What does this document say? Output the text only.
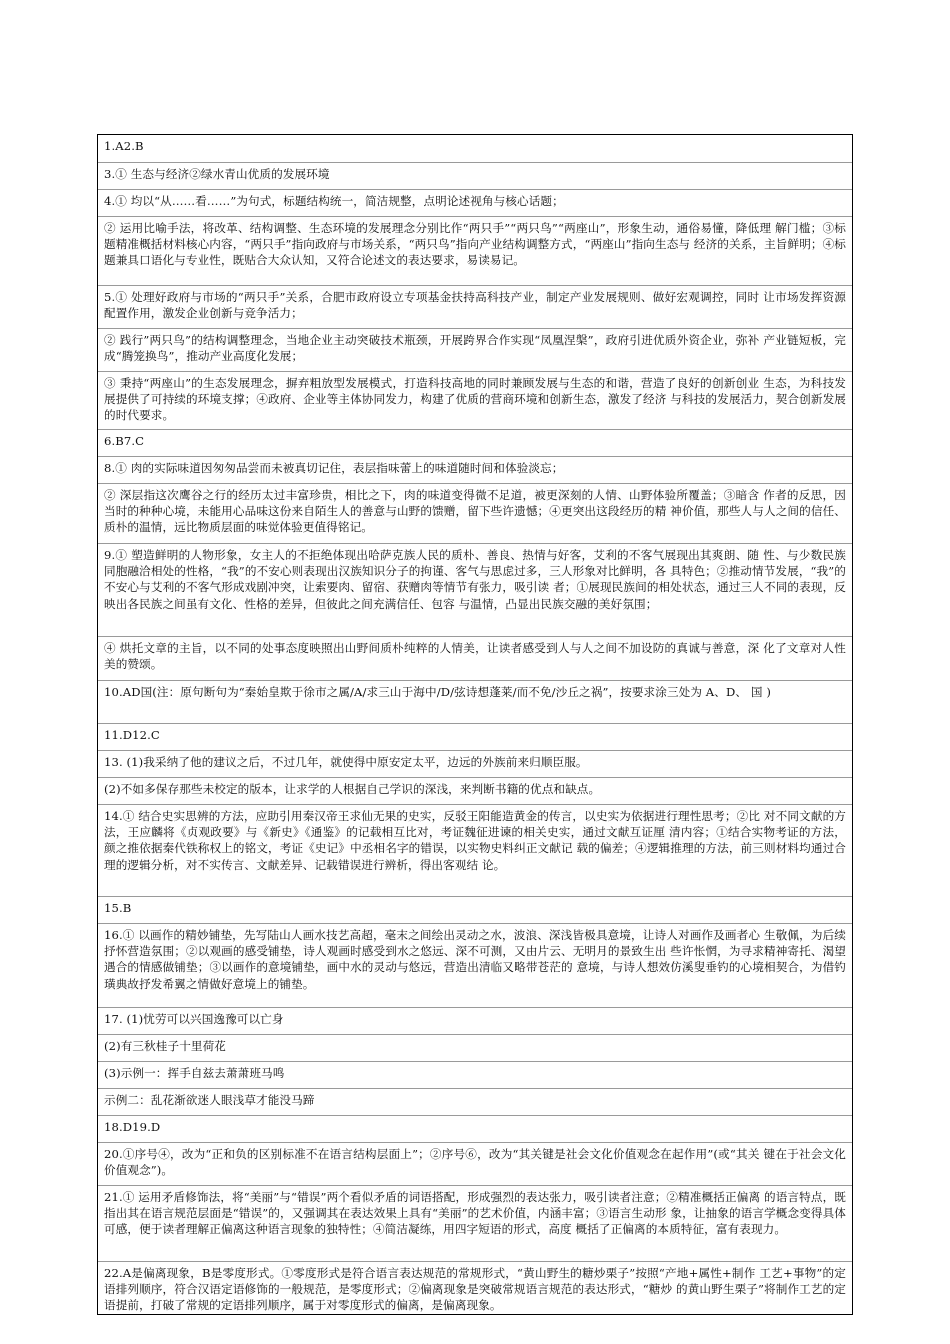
1.A2.B

3.① 生态与经济②绿水青山优质的发展环境

4.① 均以“从……看……”为句式，标题结构统一，简洁规整，点明论述视角与核心话题；

② 运用比喻手法，将改革、结构调整、生态环境的发展理念分别比作“两只手”“两只鸟”“两座山”，形象生动，通俗易懂，降低理 解门槛；③标题精准概括材料核心内容，“两只手”指向政府与市场关系，“两只鸟”指向产业结构调整方式，“两座山”指向生态与 经济的关系，主旨鲜明；④标题兼具口语化与专业性，既贴合大众认知，又符合论述文的表达要求，易读易记。

5.① 处理好政府与市场的“两只手”关系，合肥市政府设立专项基金扶持高科技产业，制定产业发展规则、做好宏观调控，同时 让市场发挥资源配置作用，激发企业创新与竞争活力；

② 践行”两只鸟”的结构调整理念，当地企业主动突破技术瓶颈，开展跨界合作实现“凤凰涅槃”，政府引进优质外资企业，弥补 产业链短板，完成“腾笼换鸟”，推动产业高度化发展；

③ 秉持“两座山”的生态发展理念，摒弃粗放型发展模式，打造科技高地的同时兼顾发展与生态的和谐，营造了良好的创新创业 生态，为科技发展提供了可持续的环境支撑；④政府、企业等主体协同发力，构建了优质的营商环境和创新生态，激发了经济 与科技的发展活力，契合创新发展的时代要求。

6.B7.C

8.① 肉的实际味道因匆匆品尝而未被真切记住，表层指味蕾上的味道随时间和体验淡忘；

② 深层指这次鹰谷之行的经历太过丰富珍贵，相比之下，肉的味道变得微不足道，被更深刻的人情、山野体验所覆盖；③暗含 作者的反思，因当时的种种心境，未能用心品味这份来自陌生人的善意与山野的馈赠，留下些许遗憾；④更突出这段经历的精 神价值，那些人与人之间的信任、质朴的温情，远比物质层面的味觉体验更值得铭记。

9.① 塑造鲜明的人物形象，女主人的不拒绝体现出哈萨克族人民的质朴、善良、热情与好客，艾利的不客气展现出其爽朗、随 性、与少数民族同胞融洽相处的性格，“我”的不安心则表现出汉族知识分子的拘谨、客气与思虑过多，三人形象对比鲜明，各 具特色；②推动情节发展，“我”的不安心与艾利的不客气形成戏剧冲突，让索要肉、留宿、获赠肉等情节有张力，吸引读 者；①展现民族间的相处状态，通过三人不同的表现，反映出各民族之间虽有文化、性格的差异，但彼此之间充满信任、包容 与温情，凸显出民族交融的美好氛围；

④ 烘托文章的主旨，以不同的处事态度映照出山野间质朴纯粹的人情美，让读者感受到人与人之间不加设防的真诚与善意，深 化了文章对人性美的赞颂。

10.AD国(注：原句断句为“秦始皇欺于徐市之属/A/求三山于海中/D/弦诗想蓬莱/而不免/沙丘之祸”，按要求涂三处为 A、D、 国 )

11.D12.C

13. (1)我采纳了他的建议之后，不过几年，就使得中原安定太平，边远的外族前来归顺臣服。

(2)不如多保存那些未校定的版本，让求学的人根据自己学识的深浅，来判断书籍的优点和缺点。

14.① 结合史实思辨的方法，应助引用秦汉帝王求仙无果的史实，反驳王阳能造黄金的传言，以史实为依据进行理性思考；②比 对不同文献的方法，王应麟将《贞观政要》与《新史》《通鉴》的记载相互比对，考证魏征进谏的相关史实，通过文献互证厘 清内容；①结合实物考证的方法，颜之推依据秦代铁称权上的铭文，考证《史记》中丞相名字的错误，以实物史料纠正文献记 载的偏差；④逻辑推理的方法，前三则材料均通过合理的逻辑分析，对不实传言、文献差异、记载错误进行辨析，得出客观结 论。

15.B

16.① 以画作的精妙铺垫，先写陆山人画水技艺高超，毫末之间绘出灵动之水，波浪、深浅皆极具意境，让诗人对画作及画者心 生敬佩，为后续抒怀营造氛围；②以观画的感受铺垫，诗人观画时感受到水之悠远、深不可测，又由片云、无明月的景致生出 些许怅惘，为寻求精神寄托、渴望遇合的情感做铺垫；③以画作的意境铺垫，画中水的灵动与悠远，营造出清临又略带苍茫的 意境，与诗人想效仿溪叟垂钓的心境相契合，为借钓璜典故抒发希翼之情做好意境上的铺垫。

17. (1)忧劳可以兴国逸豫可以亡身

(2)有三秋桂子十里荷花

(3)示例一：挥手自兹去萧萧班马鸣

示例二：乱花渐欲迷人眼浅草才能没马蹄

18.D19.D

20.①序号④，改为“正和负的区别标准不在语言结构层面上”；②序号⑥，改为“其关键是社会文化价值观念在起作用”(或“其关 键在于社会文化价值观念”)。

21.① 运用矛盾修饰法，将“美丽”与“错误”两个看似矛盾的词语搭配，形成强烈的表达张力，吸引读者注意；②精准概括正偏离 的语言特点，既指出其在语言规范层面是“错误”的，又强调其在表达效果上具有“美丽”的艺术价值，内涵丰富；③语言生动形 象，让抽象的语言学概念变得具体可感，便于读者理解正偏离这种语言现象的独特性；④简洁凝练，用四字短语的形式，高度 概括了正偏离的本质特征，富有表现力。

22.A是偏离现象，B是零度形式。①零度形式是符合语言表达规范的常规形式，“黄山野生的糖炒栗子”按照“产地+属性+制作 工艺+事物”的定语排列顺序，符合汉语定语修饰的一般规范，是零度形式；②偏离现象是突破常规语言规范的表达形式，“糖炒 的黄山野生栗子”将制作工艺的定语提前，打破了常规的定语排列顺序，属于对零度形式的偏离，是偏离现象。
